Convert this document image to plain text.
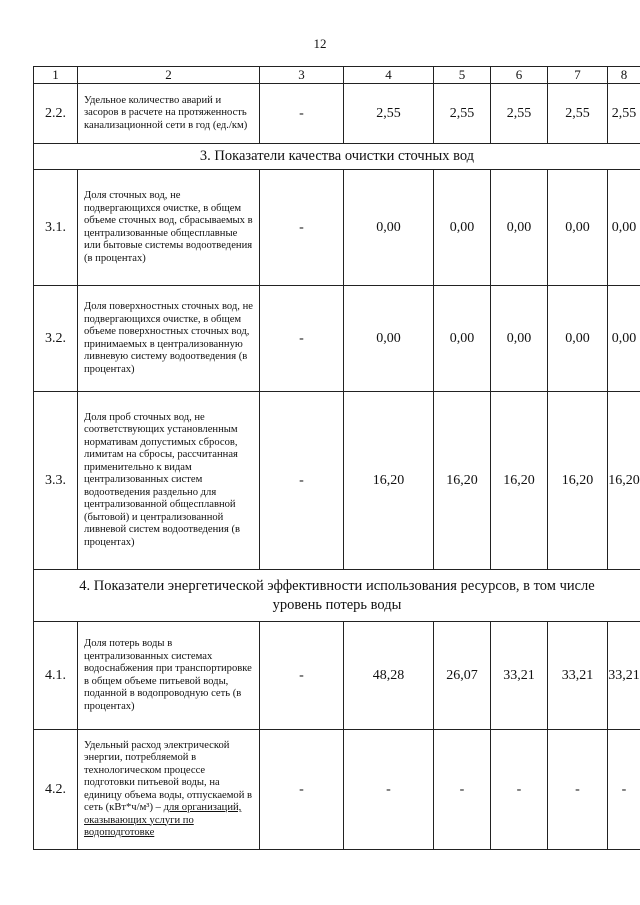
12
1	2	3	4	5	6	7	8
2.2.	Удельное количество аварий и засоров в расчете на протяженность канализационной сети в год (ед./км)	-	2,55	2,55	2,55	2,55	2,55
3. Показатели качества очистки сточных вод							
3.1.	Доля сточных вод, не подвергающихся очистке, в общем объеме сточных вод, сбрасываемых в централизованные общесплавные или бытовые системы водоотведения (в процентах)	-	0,00	0,00	0,00	0,00	0,00
3.2.	Доля поверхностных сточных вод, не подвергающихся очистке, в общем объеме поверхностных сточных вод, принимаемых в централизованную ливневую систему водоотведения (в процентах)	-	0,00	0,00	0,00	0,00	0,00
3.3.	Доля проб сточных вод, не соответствующих установленным нормативам допустимых сбросов, лимитам на сбросы, рассчитанная применительно к видам централизованных систем водоотведения раздельно для централизованной общесплавной (бытовой) и централизованной ливневой систем водоотведения (в процентах)	-	16,20	16,20	16,20	16,20	16,20
4. Показатели энергетической эффективности использования ресурсов, в том числе уровень потерь воды							
4.1.	Доля потерь воды в централизованных системах водоснабжения при транспортировке в общем объеме питьевой воды, поданной в водопроводную сеть (в процентах)	-	48,28	26,07	33,21	33,21	33,21
4.2.	Удельный расход электрической энергии, потребляемой в технологическом процессе подготовки питьевой воды, на единицу объема воды, отпускаемой в сеть (кВт*ч/м³) – для организаций, оказывающих услуги по водоподготовке	-	-	-	-	-	-
